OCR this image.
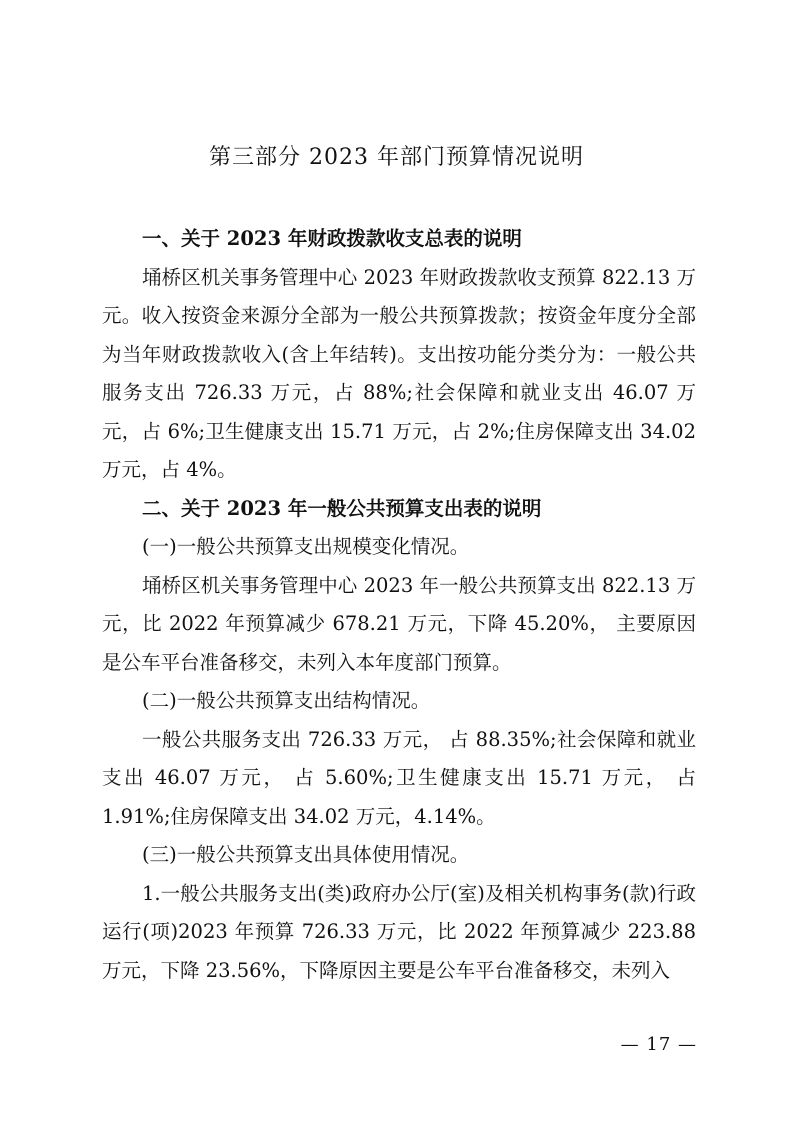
第三部分 2023 年部门预算情况说明

一、关于 2023 年财政拨款收支总表的说明

埇桥区机关事务管理中心 2023 年财政拨款收支预算 822.13 万元。收入按资金来源分全部为一般公共预算拨款；按资金年度分全部为当年财政拨款收入(含上年结转)。支出按功能分类分为：一般公共服务支出 726.33 万元，占 88%;社会保障和就业支出 46.07 万元，占 6%;卫生健康支出 15.71 万元，占 2%;住房保障支出 34.02 万元，占 4%。

二、关于 2023 年一般公共预算支出表的说明

(一)一般公共预算支出规模变化情况。

埇桥区机关事务管理中心 2023 年一般公共预算支出 822.13 万元，比 2022 年预算减少 678.21 万元，下降 45.20%， 主要原因是公车平台准备移交，未列入本年度部门预算。

(二)一般公共预算支出结构情况。

一般公共服务支出 726.33 万元， 占 88.35%;社会保障和就业支出 46.07 万元， 占 5.60%;卫生健康支出 15.71 万元， 占 1.91%;住房保障支出 34.02 万元，4.14%。

(三)一般公共预算支出具体使用情况。

1.一般公共服务支出(类)政府办公厅(室)及相关机构事务(款)行政运行(项)2023 年预算 726.33 万元，比 2022 年预算减少 223.88 万元，下降 23.56%，下降原因主要是公车平台准备移交，未列入

— 17 —
